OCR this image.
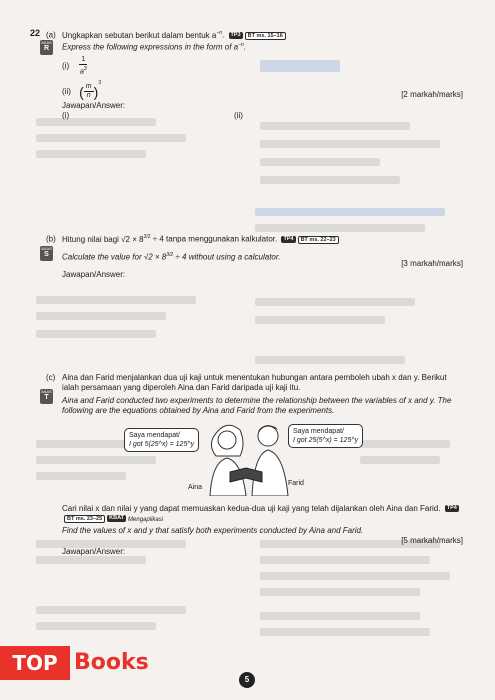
22 (a) Ungkapkan sebutan berikut dalam bentuk $a^{-n}$. TP3 BT ms. 15–16
AKAS
R	Express the following expressions in the form of $a^{-n}$.
$(i) \frac{1}{a^3}$
(ii) ( $\frac{m}{n} )^3$
[2 markah/marks]
Jawapan/Answer:
(i)	(ii)
(b) Hitung nilai bagi $√2 \times 8^{3/2} \div 4$ tanpa menggunakan kalkulator. TP4 BT ms. 22–23
AKAS
S	Calculate the value for $√2 \times 8^{3/2} \div 4$ without using a calculator.
[3 markah/marks]
Jawapan/Answer:
(c) Aina dan Farid menjalankan dua uji kaji untuk menentukan hubungan antara pemboleh ubah x dan y. Berikut ialah persamaan yang diperoleh Aina dan Farid daripada uji kaji itu.
AKAS
T	Aina and Farid conducted two experiments to determine the relationship between the variables of x and y. The following are the equations obtained by Aina and Farid from the experiments.
Saya mendapat/
I got 5(25^x) = 125^y
Saya mendapat/
I got 25(5^x) = 125^y
Aina
Farid
Cari nilai x dan nilai y yang dapat memuaskan kedua-dua uji kaji yang telah dijalankan oleh Aina dan Farid. TP4BT ms. 23–25 KBAT Mengaplikasi
Find the values of x and y that satisfy both experiments conducted by Aina and Farid.
[5 markah/marks]
Jawapan/Answer:
TOP Books
5
